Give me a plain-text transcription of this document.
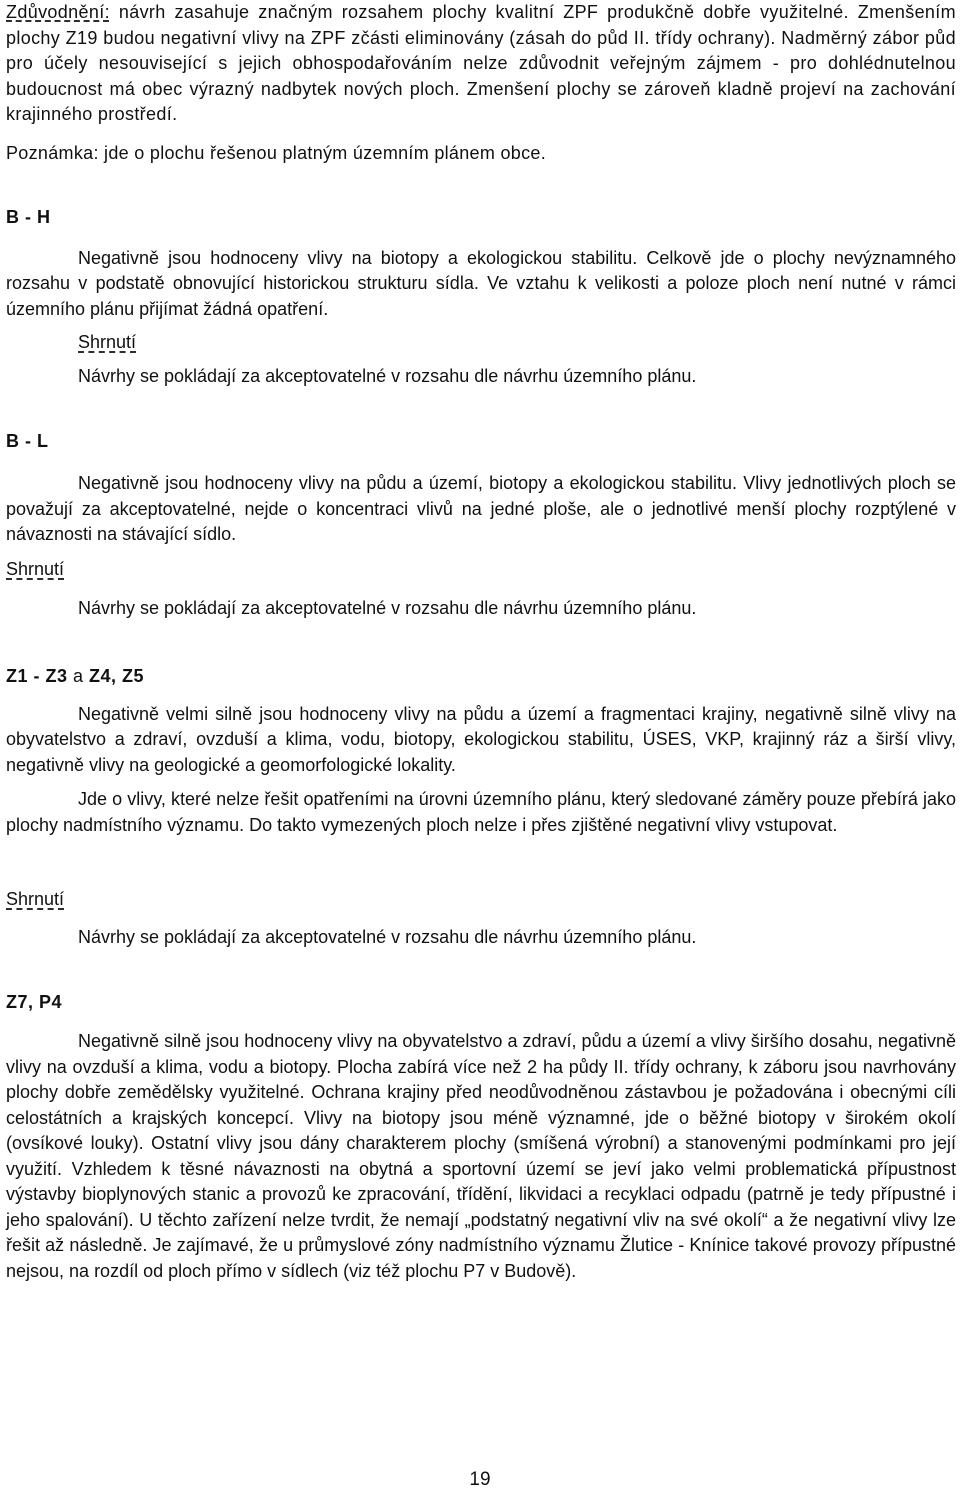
Zdůvodnění: návrh zasahuje značným rozsahem plochy kvalitní ZPF produkčně dobře využitelné. Zmenšením plochy Z19 budou negativní vlivy na ZPF zčásti eliminovány (zásah do půd II. třídy ochrany). Nadměrný zábor půd pro účely nesouvisející s jejich obhospodařováním nelze zdůvodnit veřejným zájmem - pro dohlédnutelnou budoucnost má obec výrazný nadbytek nových ploch. Zmenšení plochy se zároveň kladně projeví na zachování krajinného prostředí.

Poznámka: jde o plochu řešenou platným územním plánem obce.

B - H

Negativně jsou hodnoceny vlivy na biotopy a ekologickou stabilitu. Celkově jde o plochy nevýznamného rozsahu v podstatě obnovující historickou strukturu sídla. Ve vztahu k velikosti a poloze ploch není nutné v rámci územního plánu přijímat žádná opatření.

Shrnutí

Návrhy se pokládají za akceptovatelné v rozsahu dle návrhu územního plánu.

B - L

Negativně jsou hodnoceny vlivy na půdu a území, biotopy a ekologickou stabilitu. Vlivy jednotlivých ploch se považují za akceptovatelné, nejde o koncentraci vlivů na jedné ploše, ale o jednotlivé menší plochy rozptýlené v návaznosti na stávající sídlo.

Shrnutí

Návrhy se pokládají za akceptovatelné v rozsahu dle návrhu územního plánu.

Z1 - Z3 a Z4, Z5

Negativně velmi silně jsou hodnoceny vlivy na půdu a území a fragmentaci krajiny, negativně silně vlivy na obyvatelstvo a zdraví, ovzduší a klima, vodu, biotopy, ekologickou stabilitu, ÚSES, VKP, krajinný ráz a širší vlivy, negativně vlivy na geologické a geomorfologické lokality.

Jde o vlivy, které nelze řešit opatřeními na úrovni územního plánu, který sledované záměry pouze přebírá jako plochy nadmístního významu. Do takto vymezených ploch nelze i přes zjištěné negativní vlivy vstupovat.

Shrnutí

Návrhy se pokládají za akceptovatelné v rozsahu dle návrhu územního plánu.

Z7, P4

Negativně silně jsou hodnoceny vlivy na obyvatelstvo a zdraví, půdu a území a vlivy širšího dosahu, negativně vlivy na ovzduší a klima, vodu a biotopy. Plocha zabírá více než 2 ha půdy II. třídy ochrany, k záboru jsou navrhovány plochy dobře zemědělsky využitelné. Ochrana krajiny před neodůvodněnou zástavbou je požadována i obecnými cíli celostátních a krajských koncepcí. Vlivy na biotopy jsou méně významné, jde o běžné biotopy v širokém okolí (ovsíkové louky). Ostatní vlivy jsou dány charakterem plochy (smíšená výrobní) a stanovenými podmínkami pro její využití. Vzhledem k těsné návaznosti na obytná a sportovní území se jeví jako velmi problematická přípustnost výstavby bioplynových stanic a provozů ke zpracování, třídění, likvidaci a recyklaci odpadu (patrně je tedy přípustné i jeho spalování). U těchto zařízení nelze tvrdit, že nemají „podstatný negativní vliv na své okolí“ a že negativní vlivy lze řešit až následně. Je zajímavé, že u průmyslové zóny nadmístního významu Žlutice - Knínice takové provozy přípustné nejsou, na rozdíl od ploch přímo v sídlech (viz též plochu P7 v Budově).

19
